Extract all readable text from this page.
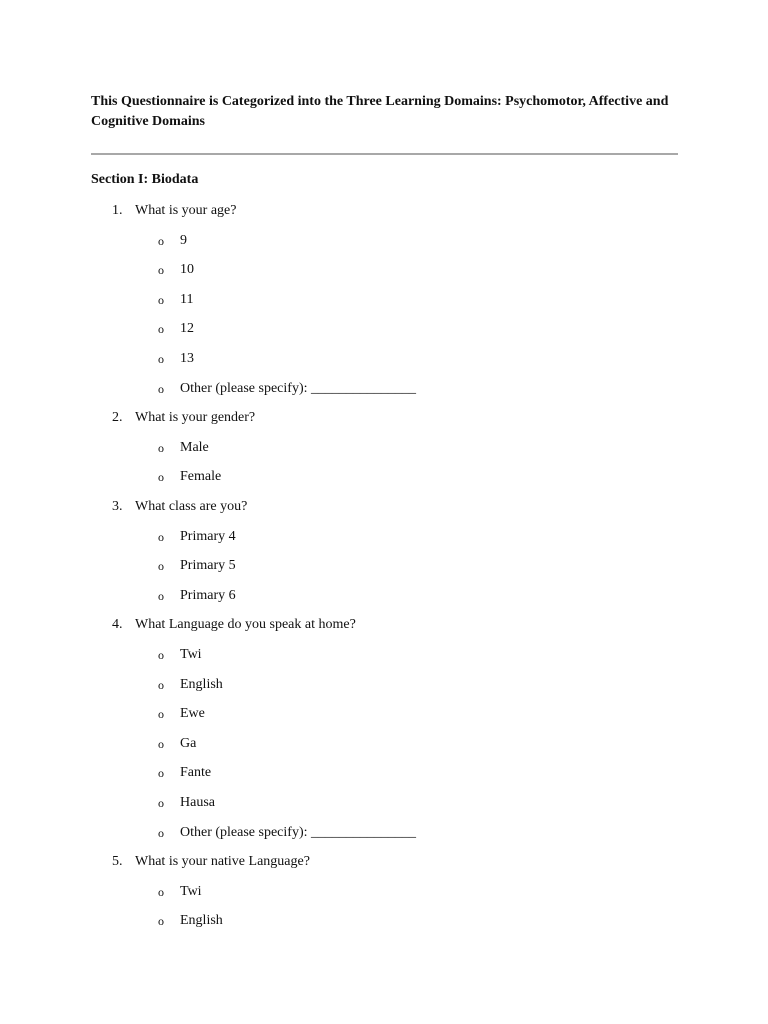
This Questionnaire is Categorized into the Three Learning Domains: Psychomotor, Affective and Cognitive Domains

Section I: Biodata

1. What is your age?
o 9
o 10
o 11
o 12
o 13
o Other (please specify): _______________
2. What is your gender?
o Male
o Female
3. What class are you?
o Primary 4
o Primary 5
o Primary 6
4. What Language do you speak at home?
o Twi
o English
o Ewe
o Ga
o Fante
o Hausa
o Other (please specify): _______________
5. What is your native Language?
o Twi
o English
